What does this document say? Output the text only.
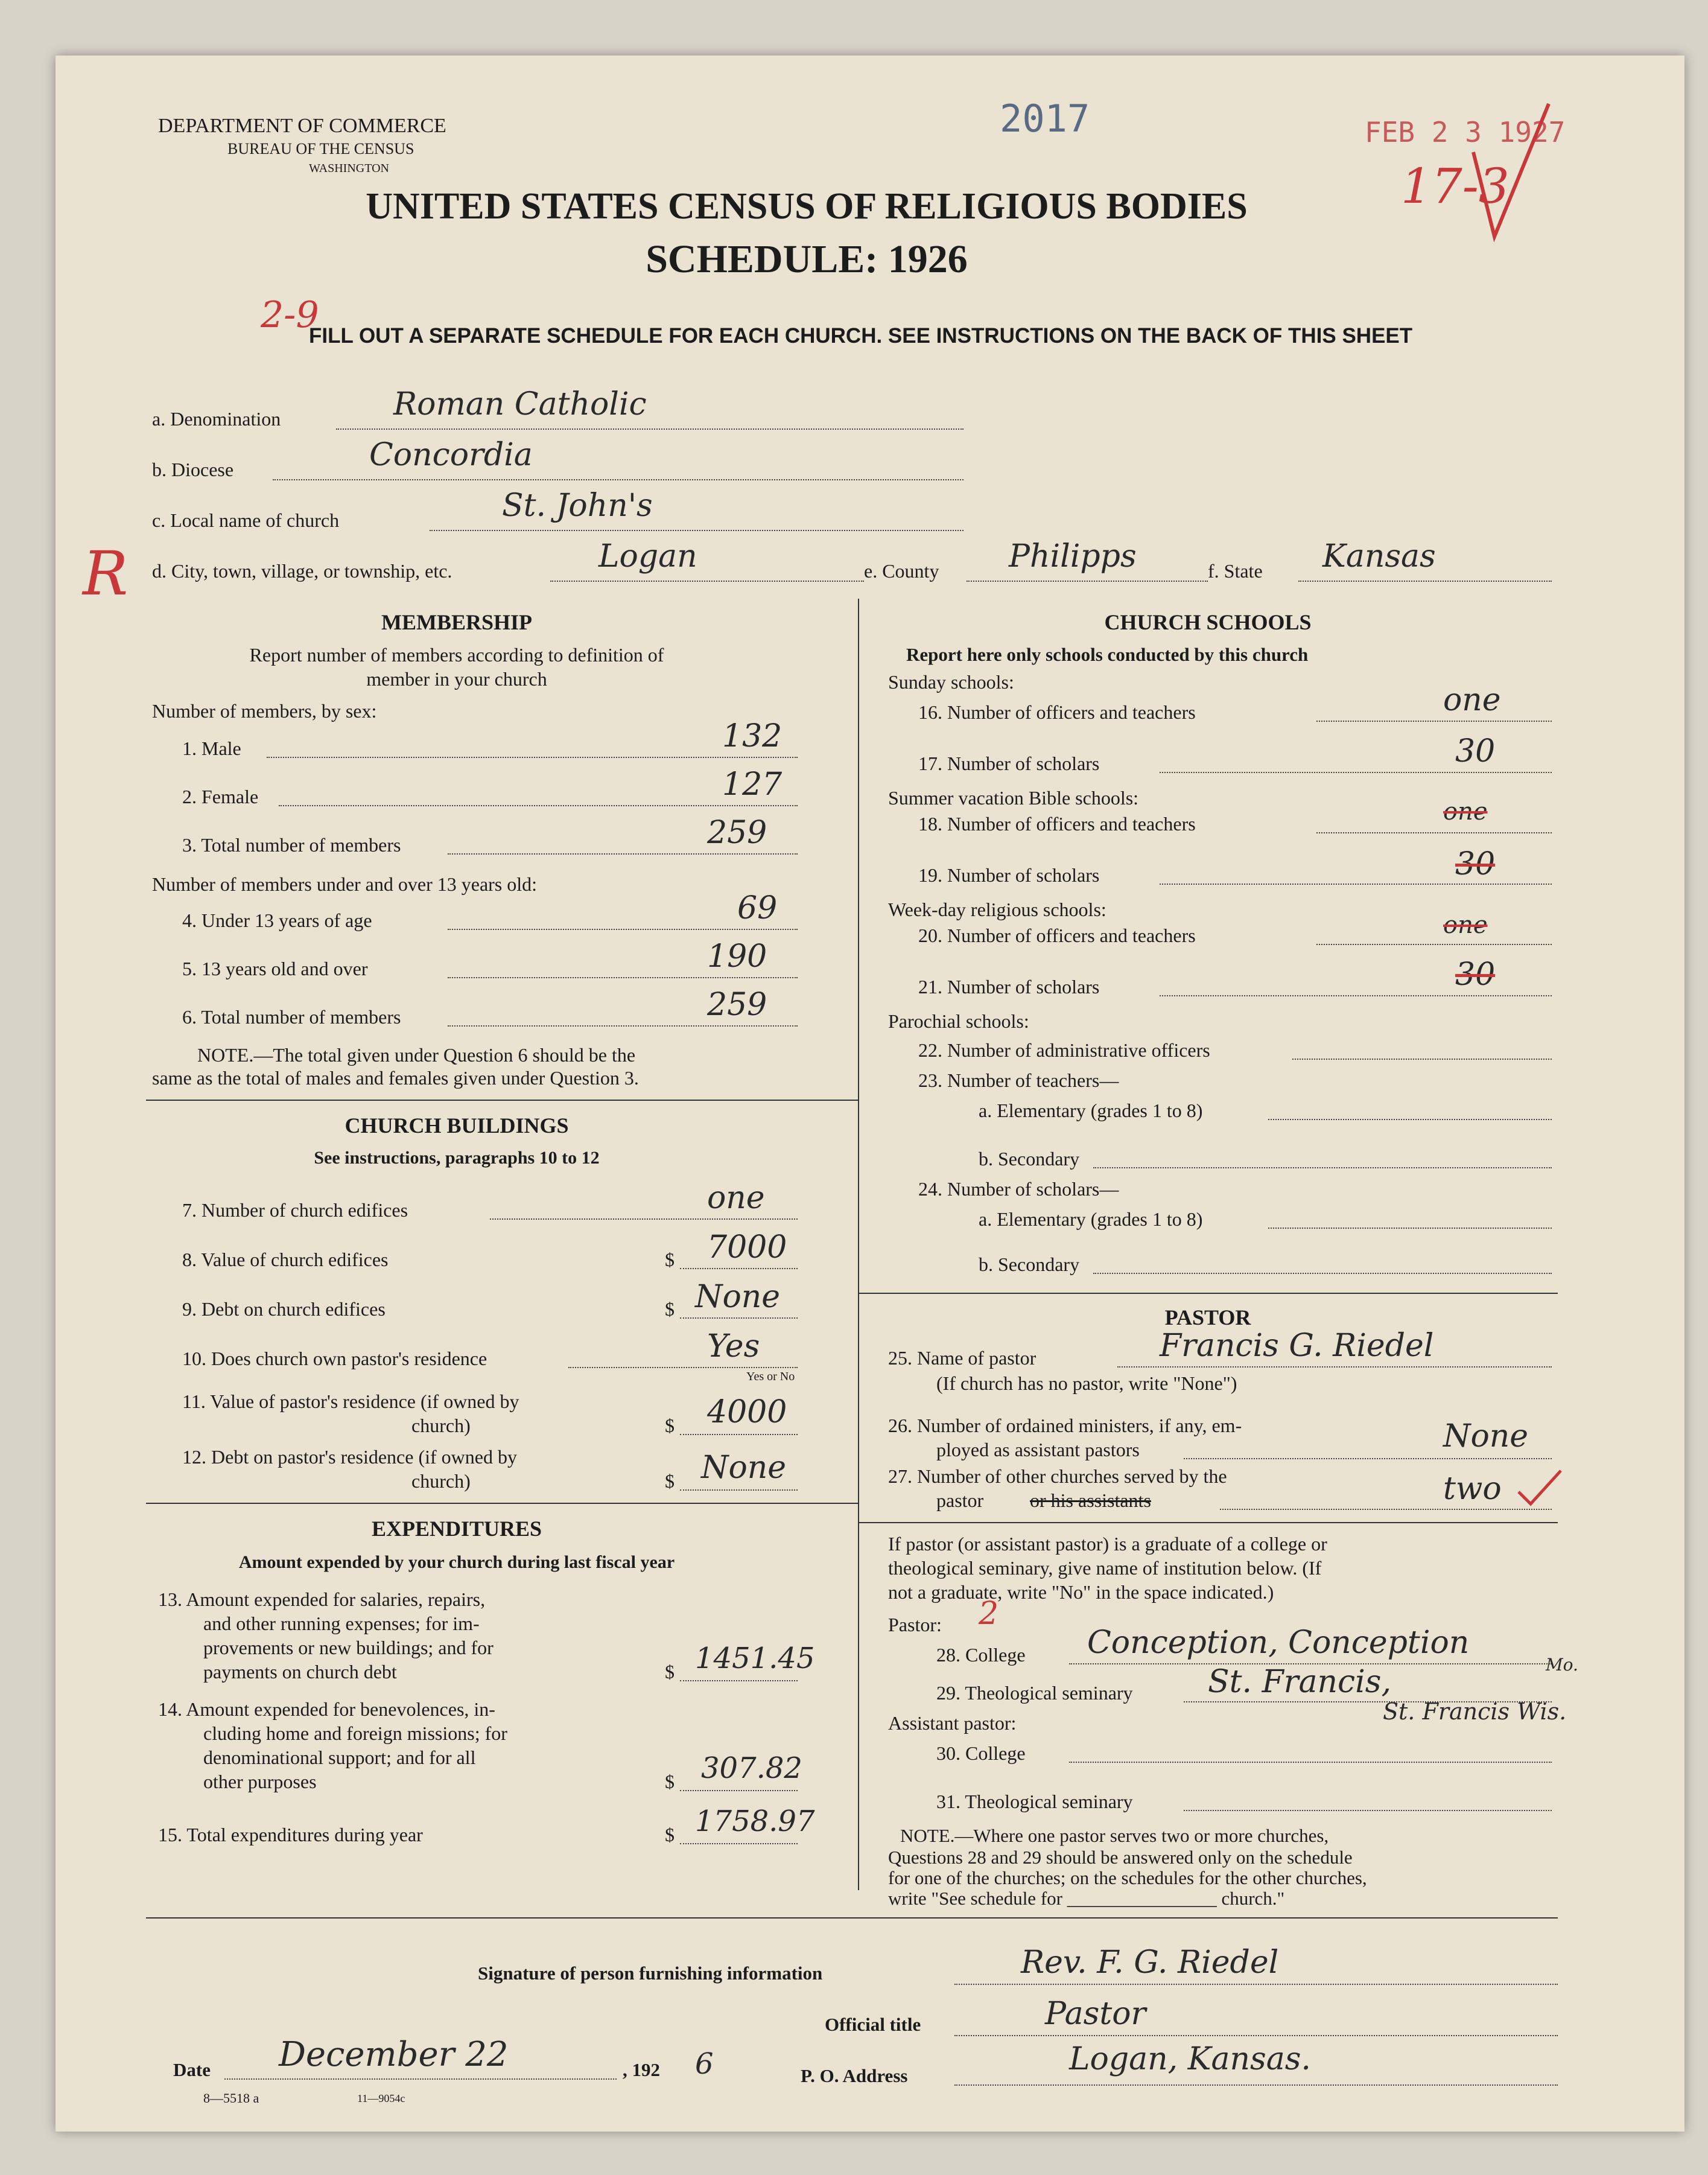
DEPARTMENT OF COMMERCE
BUREAU OF THE CENSUS
WASHINGTON
2017	FEB 2 3 1927
17-3
UNITED STATES CENSUS OF RELIGIOUS BODIES
SCHEDULE: 1926
2-9
FILL OUT A SEPARATE SCHEDULE FOR EACH CHURCH. SEE INSTRUCTIONS ON THE BACK OF THIS SHEET
R
a. Denomination	Roman Catholic
b. Diocese	Concordia
c. Local name of church	St. John's
d. City, town, village, or township, etc.	Logan	e. County Philipps	f. State Kansas
MEMBERSHIP
Report number of members according to definition of
member in your church
Number of members, by sex:
1. Male	132
2. Female	127
3. Total number of members	259
Number of members under and over 13 years old:
4. Under 13 years of age	69
5. 13 years old and over	190
6. Total number of members	259
NOTE.—The total given under Question 6 should be the
same as the total of males and females given under Question 3.
CHURCH BUILDINGS
See instructions, paragraphs 10 to 12
7. Number of church edifices	one
8. Value of church edifices	$ 7000
9. Debt on church edifices	$ None
10. Does church own pastor's residence	Yes
Yes or No
11. Value of pastor's residence (if owned by
church)	$ 4000
12. Debt on pastor's residence (if owned by
church)	$ None
EXPENDITURES
Amount expended by your church during last fiscal year
13. Amount expended for salaries, repairs,
and other running expenses; for im-
provements or new buildings; and for
payments on church debt	$ 1451.45
14. Amount expended for benevolences, in-
cluding home and foreign missions; for
denominational support; and for all
other purposes	$ 307.82
15. Total expenditures during year	$ 1758.97
CHURCH SCHOOLS
Report here only schools conducted by this church
Sunday schools:
16. Number of officers and teachers	one
17. Number of scholars	30
Summer vacation Bible schools:
18. Number of officers and teachers	one
19. Number of scholars	30
Week-day religious schools:
20. Number of officers and teachers	one
21. Number of scholars	30
Parochial schools:
22. Number of administrative officers
23. Number of teachers—
a. Elementary (grades 1 to 8)
b. Secondary
24. Number of scholars—
a. Elementary (grades 1 to 8)
b. Secondary
PASTOR
25. Name of pastor	Francis G. Riedel
(If church has no pastor, write "None")
26. Number of ordained ministers, if any, em-
ployed as assistant pastors	None
27. Number of other churches served by the
pastor or his assistants	two
If pastor (or assistant pastor) is a graduate of a college or
theological seminary, give name of institution below. (If
not a graduate, write "No" in the space indicated.)
Pastor: 2
28. College Conception, Conception
Mo.
29. Theological seminary St. Francis,
St. Francis Wis.
Assistant pastor:
30. College
31. Theological seminary
NOTE.—Where one pastor serves two or more churches,
Questions 28 and 29 should be answered only on the schedule
for one of the churches; on the schedules for the other churches,
write "See schedule for ________________ church."
Signature of person furnishing information	Rev. F. G. Riedel
Official title	Pastor
Date December 22	, 192 6	P. O. Address	Logan, Kansas.
8—5518 a	11—9054c
